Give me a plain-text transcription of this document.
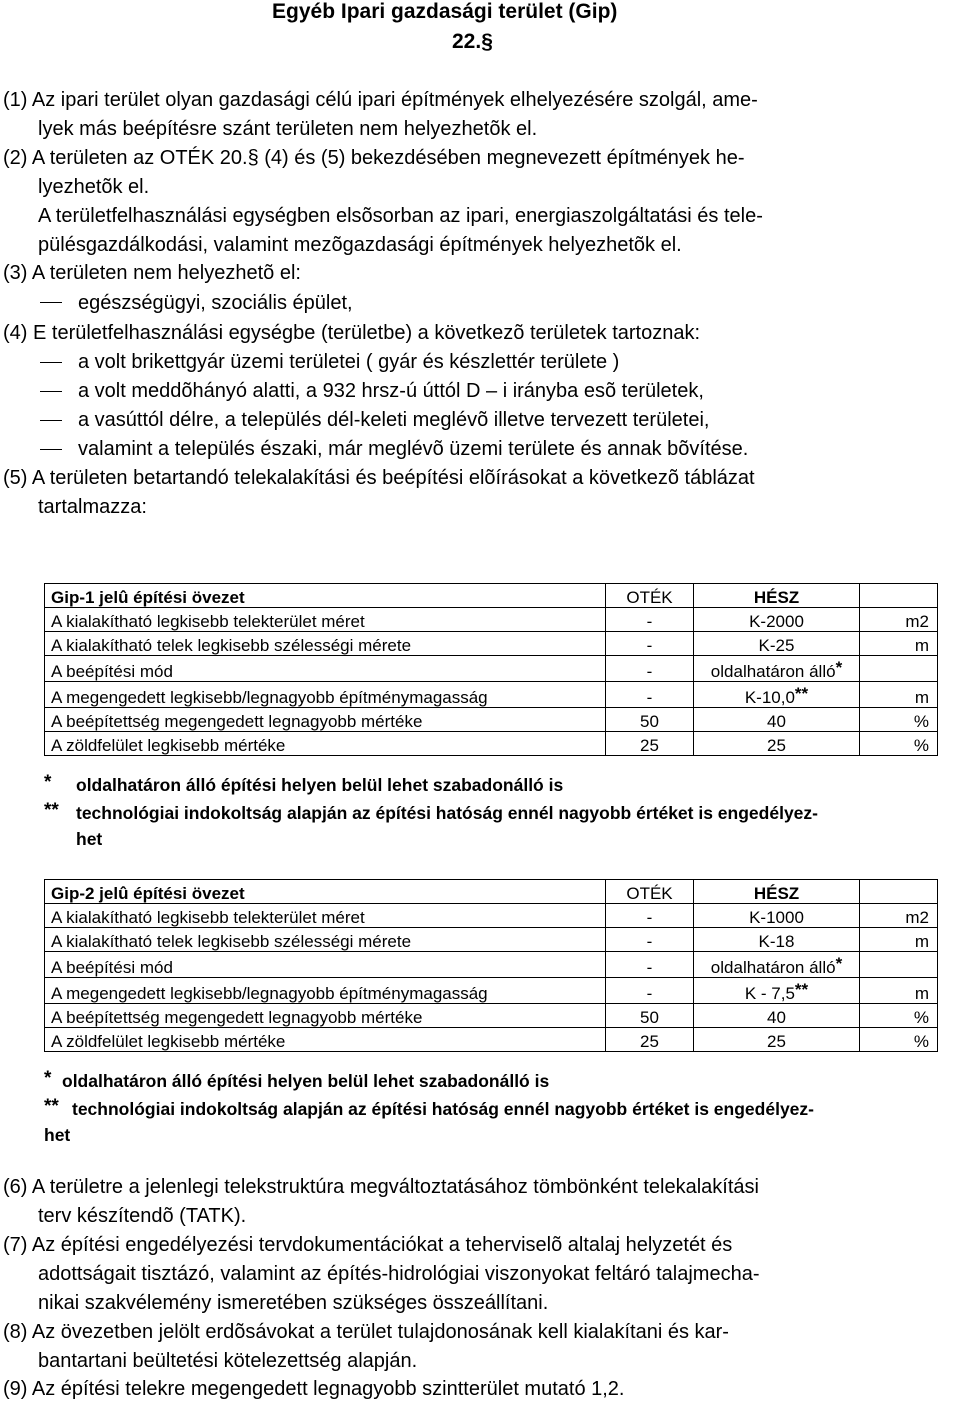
Egyéb Ipari gazdasági terület (Gip)
22.§
(1) Az ipari terület olyan gazdasági célú ipari építmények elhelyezésére szolgál, ame-
lyek más beépítésre szánt területen nem helyezhetõk el.
(2) A területen az OTÉK 20.§ (4) és (5) bekezdésében megnevezett építmények he-
lyezhetõk el.
A területfelhasználási egységben elsõsorban az ipari, energiaszolgáltatási és tele-
pülésgazdálkodási, valamint mezõgazdasági építmények helyezhetõk el.
(3) A területen nem helyezhetõ el:
egészségügyi, szociális épület,
(4) E területfelhasználási egységbe (területbe) a következõ területek tartoznak:
a volt brikettgyár üzemi területei ( gyár és készlettér területe )
a volt meddõhányó alatti, a 932 hrsz-ú úttól D – i irányba esõ területek,
a vasúttól délre, a település dél-keleti meglévõ illetve tervezett területei,
valamint a település északi, már meglévõ üzemi területe és annak bõvítése.
(5) A területen betartandó telekalakítási és beépítési elõírásokat a következõ táblázat
tartalmazza:
Gip-1 jelû építési övezet	OTÉK	HÉSZ	
A kialakítható legkisebb telekterület méret	-	K-2000	m2
A kialakítható telek legkisebb szélességi mérete	-	K-25	m
A beépítési mód	-	oldalhatáron álló*	
A megengedett legkisebb/legnagyobb építménymagasság	-	K-10,0**	m
A beépítettség megengedett legnagyobb mértéke	50	40	%
A zöldfelület legkisebb mértéke	25	25	%
* oldalhatáron álló építési helyen belül lehet szabadonálló is
** technológiai indokoltság alapján az építési hatóság ennél nagyobb értéket is engedélyez-
het
Gip-2 jelû építési övezet	OTÉK	HÉSZ	
A kialakítható legkisebb telekterület méret	-	K-1000	m2
A kialakítható telek legkisebb szélességi mérete	-	K-18	m
A beépítési mód	-	oldalhatáron álló*	
A megengedett legkisebb/legnagyobb építménymagasság	-	K - 7,5**	m
A beépítettség megengedett legnagyobb mértéke	50	40	%
A zöldfelület legkisebb mértéke	25	25	%
* oldalhatáron álló építési helyen belül lehet szabadonálló is
** technológiai indokoltság alapján az építési hatóság ennél nagyobb értéket is engedélyez-
het
(6) A területre a jelenlegi telekstruktúra megváltoztatásához tömbönként telekalakítási
terv készítendõ (TATK).
(7) Az építési engedélyezési tervdokumentációkat a teherviselõ altalaj helyzetét és
adottságait tisztázó, valamint az építés-hidrológiai viszonyokat feltáró talajmecha-
nikai szakvélemény ismeretében szükséges összeállítani.
(8) Az övezetben jelölt erdõsávokat a terület tulajdonosának kell kialakítani és kar-
bantartani beültetési kötelezettség alapján.
(9) Az építési telekre megengedett legnagyobb szintterület mutató 1,2.
